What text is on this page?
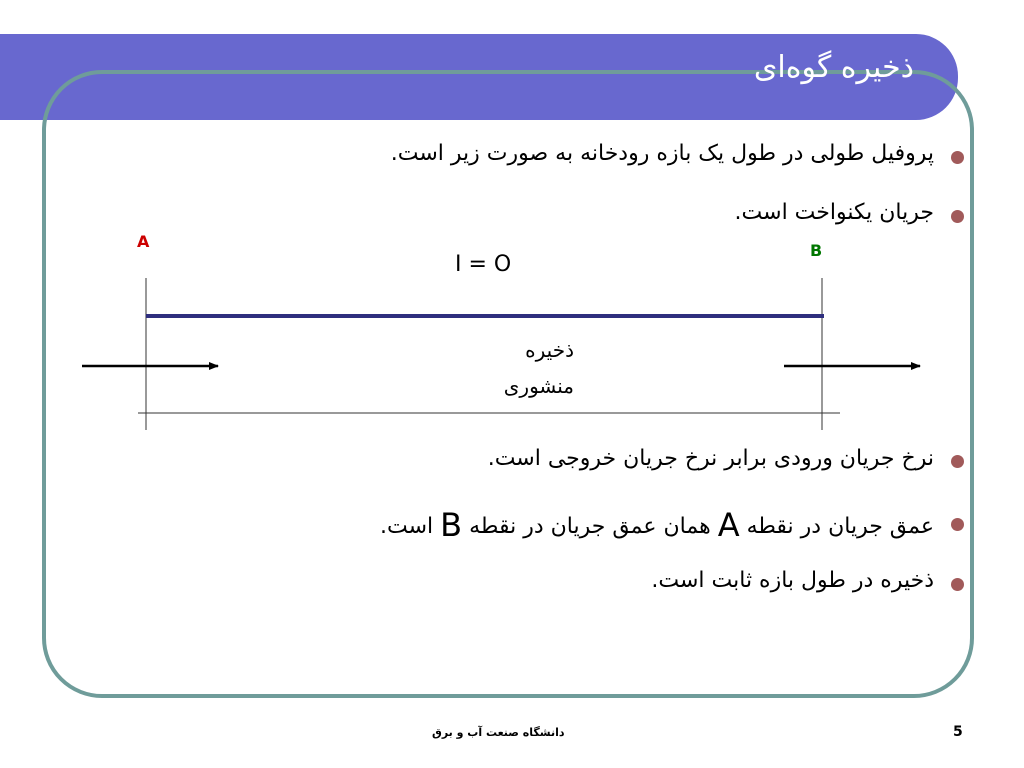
ذخیره گوه‌ای
پروفیل طولی در طول یک بازه رودخانه به صورت زیر است.
جریان یکنواخت است.
A	B
I = O
ذخیره
منشوری
نرخ جریان ورودی برابر نرخ جریان خروجی است.
عمق جریان در نقطه A همان عمق جریان در نقطه B است.
ذخیره در طول بازه ثابت است.
دانشگاه صنعت آب و برق	5
